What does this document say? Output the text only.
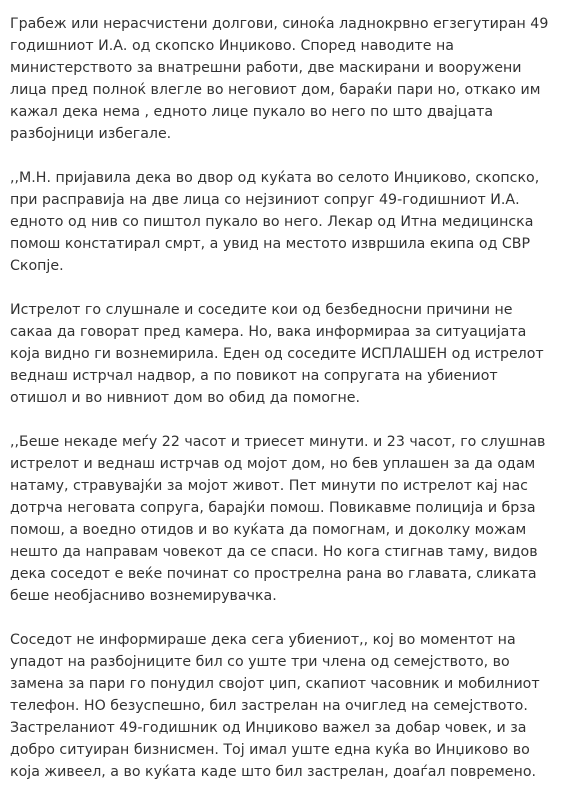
Грабеж или нерасчистени долгови, синоќа ладнокрвно егзегутиран 49 годишниот И.А. од скопско Инџиково. Според наводите на министерството за внатрешни работи, две маскирани и вооружени лица пред полноќ влегле во неговиот дом, бараќи пари но, откако им кажал дека нема , едното лице пукало во него по што двајцата разбојници избегале.

,,М.Н. пријавила дека во двор од куќата во селото Инџиково, скопско, при расправија на две лица со нејзиниот сопруг 49-годишниот И.А. едното од нив со пиштол пукало во него. Лекар од Итна медицинска помош констатирал смрт, а увид на местото извршила екипа од СВР Скопје.

Истрелот го слушнале и соседите кои од безбедносни причини не сакаа да говорат пред камера. Но, вака информираа за ситуацијата која видно ги вознемирила. Еден од соседите ИСПЛАШЕН од истрелот веднаш истрчал надвор, а по повикот на сопругата на убиениот отишол и во нивниот дом во обид да помогне.

,,Беше некаде меѓу 22 часот и триесет минути. и 23 часот, го слушнав истрелот и веднаш истрчав од мојот дом, но бев уплашен за да одам натаму, стравувајќи за мојот живот. Пет минути по истрелот кај нас дотрча неговата сопруга, барајќи помош. Повикавме полиција и брза помош, а воедно отидов и во куќата да помогнам, и доколку можам нешто да направам човекот да се спаси. Но кога стигнав таму, видов дека соседот е веќе починат со прострелна рана во главата, сликата беше необјасниво вознемирувачка.

Соседот не информираше дека сега убиениот,, кој во моментот на упадот на разбојниците бил со уште три члена од семејството, во замена за пари го понудил својот џип, скапиот часовник и мобилниот телефон. НО безуспешно, бил застрелан на очиглед на семејството. Застреланиот 49-годишник од Инџиково важел за добар човек, и за добро ситуиран бизнисмен. Тој имал уште една куќа во Инџиково во која живеел, а во куќата каде што бил застрелан, доаѓал повремено.
